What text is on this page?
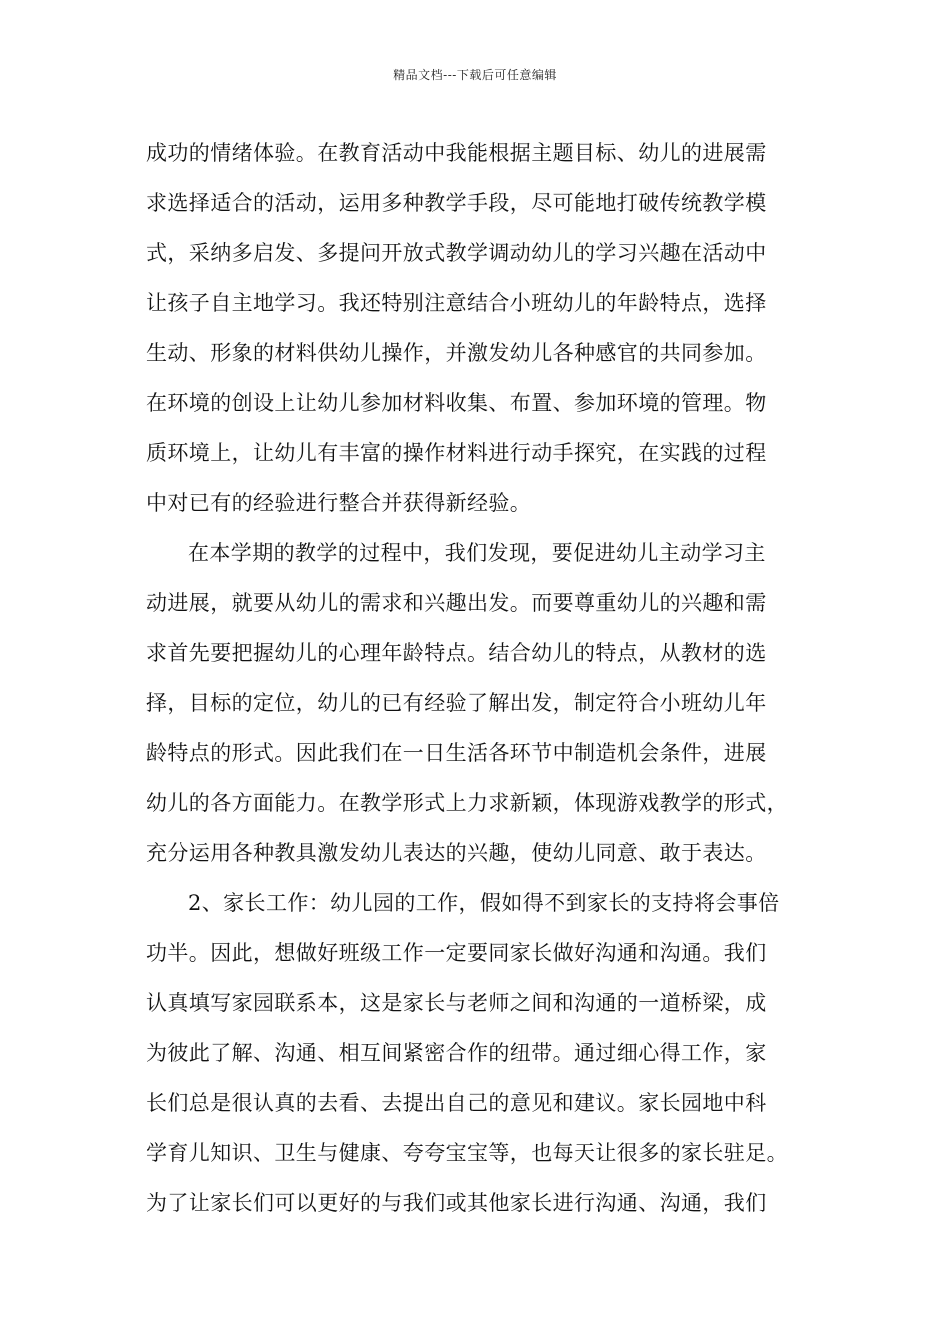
精品文档---下载后可任意编辑
成功的情绪体验。在教育活动中我能根据主题目标、幼儿的进展需
求选择适合的活动，运用多种教学手段，尽可能地打破传统教学模
式，采纳多启发、多提问开放式教学调动幼儿的学习兴趣在活动中
让孩子自主地学习。我还特别注意结合小班幼儿的年龄特点，选择
生动、形象的材料供幼儿操作，并激发幼儿各种感官的共同参加。
在环境的创设上让幼儿参加材料收集、布置、参加环境的管理。物
质环境上，让幼儿有丰富的操作材料进行动手探究，在实践的过程
中对已有的经验进行整合并获得新经验。
在本学期的教学的过程中，我们发现，要促进幼儿主动学习主
动进展，就要从幼儿的需求和兴趣出发。而要尊重幼儿的兴趣和需
求首先要把握幼儿的心理年龄特点。结合幼儿的特点，从教材的选
择，目标的定位，幼儿的已有经验了解出发，制定符合小班幼儿年
龄特点的形式。因此我们在一日生活各环节中制造机会条件，进展
幼儿的各方面能力。在教学形式上力求新颖，体现游戏教学的形式，
充分运用各种教具激发幼儿表达的兴趣，使幼儿同意、敢于表达。
2、家长工作：幼儿园的工作，假如得不到家长的支持将会事倍
功半。因此，想做好班级工作一定要同家长做好沟通和沟通。我们
认真填写家园联系本，这是家长与老师之间和沟通的一道桥梁，成
为彼此了解、沟通、相互间紧密合作的纽带。通过细心得工作，家
长们总是很认真的去看、去提出自己的意见和建议。家长园地中科
学育儿知识、卫生与健康、夸夸宝宝等，也每天让很多的家长驻足。
为了让家长们可以更好的与我们或其他家长进行沟通、沟通，我们
